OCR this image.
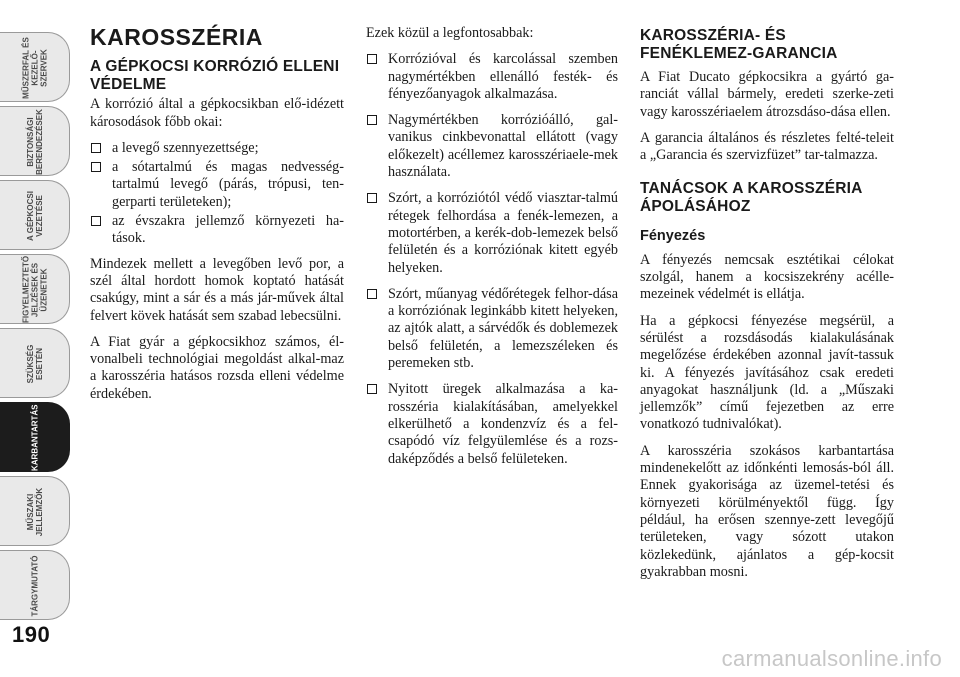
MŰSZERFAL ÉS KEZELŐ-SZERVEK
BIZTONSÁGI BERENDEZÉSEK
A GÉPKOCSI VEZETÉSE
FIGYELMEZTETŐ JELZÉSEK ÉS ÜZENETEK
SZÜKSÉG ESETÉN
KARBANTARTÁS
MŰSZAKI JELLEMZŐK
TÁRGYMUTATÓ
190
KAROSSZÉRIA
A GÉPKOCSI KORRÓZIÓ ELLENI VÉDELME

A korrózió által a gépkocsikban elő-idézett károsodások főbb okai:

a levegő szennyezettsége;
a sótartalmú és magas nedvesség-tartalmú levegő (párás, trópusi, ten-gerparti területeken);
az évszakra jellemző környezeti ha-tások.

Mindezek mellett a levegőben levő por, a szél által hordott homok koptató hatását csakúgy, mint a sár és a más jár-művek által felvert kövek hatását sem szabad lebecsülni.

A Fiat gyár a gépkocsikhoz számos, él-vonalbeli technológiai megoldást alkal-maz a karosszéria hatásos rozsda elleni védelme érdekében.

Ezek közül a legfontosabbak:

Korrózióval és karcolással szemben nagymértékben ellenálló festék- és fényezőanyagok alkalmazása.
Nagymértékben korrózióálló, gal-vanikus cinkbevonattal ellátott (vagy előkezelt) acéllemez karosszériaele-mek használata.
Szórt, a korróziótól védő viasztar-talmú rétegek felhordása a fenék-lemezen, a motortérben, a kerék-dob-lemezek belső felületén és a korróziónak kitett egyéb helyeken.
Szórt, műanyag védőrétegek felhor-dása a korróziónak leginkább kitett helyeken, az ajtók alatt, a sárvédők és doblemezek belső felületén, a lemezszéleken és peremeken stb.
Nyitott üregek alkalmazása a ka-rosszéria kialakításában, amelyekkel elkerülhető a kondenzvíz és a fel-csapódó víz felgyülemlése és a rozs-daképződés a belső felületeken.
KAROSSZÉRIA- ÉS FENÉKLEMEZ-GARANCIA

A Fiat Ducato gépkocsikra a gyártó ga-ranciát vállal bármely, eredeti szerke-zeti vagy karosszériaelem átrozsdáso-dása ellen.

A garancia általános és részletes felté-teleit a „Garancia és szervizfüzet” tar-talmazza.

TANÁCSOK A KAROSSZÉRIA ÁPOLÁSÁHOZ
Fényezés

A fényezés nemcsak esztétikai célokat szolgál, hanem a kocsiszekrény acélle-mezeinek védelmét is ellátja.

Ha a gépkocsi fényezése megsérül, a sérülést a rozsdásodás kialakulásának megelőzése érdekében azonnal javít-tassuk ki. A fényezés javításához csak eredeti anyagokat használjunk (ld. a „Műszaki jellemzők” című fejezetben az erre vonatkozó tudnivalókat).

A karosszéria szokásos karbantartása mindenekelőtt az időnkénti lemosás-ból áll. Ennek gyakorisága az üzemel-tetési és környezeti körülményektől függ. Így például, ha erősen szennye-zett levegőjű területeken, vagy sózott utakon közlekedünk, ajánlatos a gép-kocsit gyakrabban mosni.

carmanualsonline.info
